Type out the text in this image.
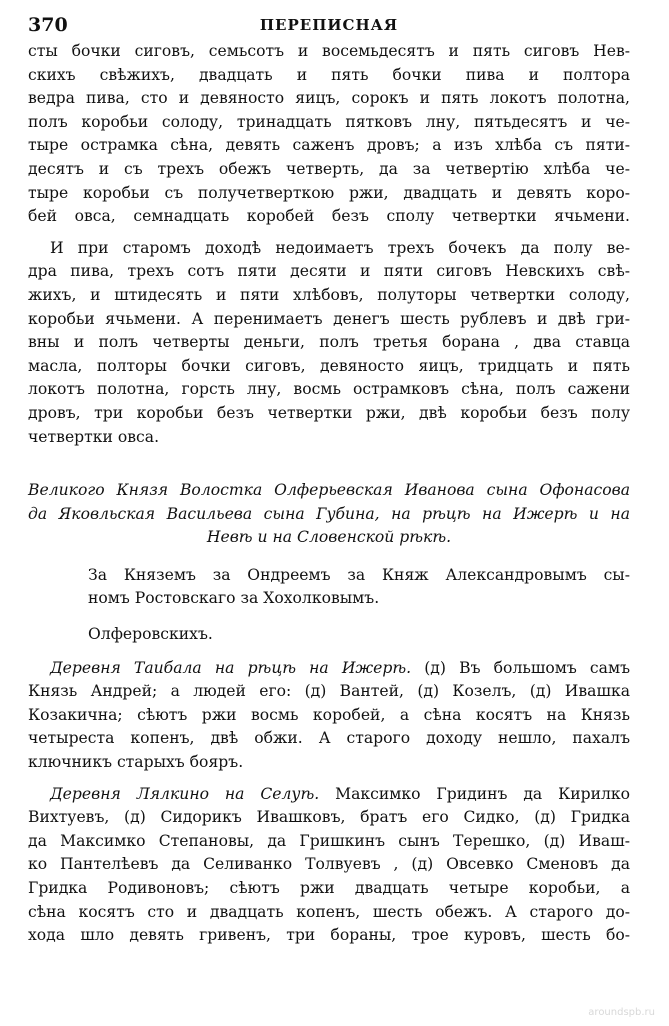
370	ПЕРЕПИСНАЯ

сты бочки сиговъ, семьсотъ и восемьдесятъ и пять сиговъ Нев-
скихъ свѣжихъ, двадцать и пять бочки пива и полтора
ведра пива, сто и девяносто яицъ, сорокъ и пять локотъ полотна,
полъ коробьи солоду, тринадцать пятковъ лну, пятьдесятъ и че-
тыре острамка сѣна, девять саженъ дровъ; а изъ хлѣба съ пяти-
десятъ и съ трехъ обежъ четверть, да за четвертію хлѣба че-
тыре коробьи съ получетверткою ржи, двадцать и девять коро-
бей овса, семнадцать коробей безъ сполу четвертки ячьмени.

И при старомъ доходѣ недоимаетъ трехъ бочекъ да полу ве-
дра пива, трехъ сотъ пяти десяти и пяти сиговъ Невскихъ свѣ-
жихъ, и штидесять и пяти хлѣбовъ, полуторы четвертки солоду,
коробьи ячьмени. А перенимаетъ денегъ шесть рублевъ и двѣ гри-
вны и полъ четверты деньги, полъ третья борана , два ставца
масла, полторы бочки сиговъ, девяносто яицъ, тридцать и пять
локотъ полотна, горсть лну, восмь острамковъ сѣна, полъ сажени
дровъ, три коробьи безъ четвертки ржи, двѣ коробьи безъ полу
четвертки овса.

Великого Князя Волостка Олферьевская Иванова сына Офонасова
да Яковльская Васильева сына Губина, на рѣцѣ на Ижерѣ и на
Невѣ и на Словенской рѣкѣ.

За Княземъ за Ондреемъ за Княж Александровымъ сы-
номъ Ростовскаго за Хохолковымъ.

Олферовскихъ.

Деревня Таибала на рѣцѣ на Ижерѣ. (д) Въ большомъ самъ
Князь Андрей; а людей его: (д) Вантей, (д) Козелъ, (д) Ивашка
Козакична; сѣютъ ржи восмь коробей, а сѣна косятъ на Князь
четыреста копенъ, двѣ обжи. А старого доходу нешло, пахалъ
ключникъ старыхъ бояръ.

Деревня Лялкино на Селуѣ. Максимко Гридинъ да Кирилко
Вихтуевъ, (д) Сидорикъ Ивашковъ, братъ его Сидко, (д) Гридка
да Максимко Степановы, да Гришкинъ сынъ Терешко, (д) Ивaш-
ко Пантелѣевъ да Селиванко Толвуевъ , (д) Овсевко Сменовъ да
Гридка Родивоновъ; сѣютъ ржи двадцать четыре коробьи, а
сѣна косятъ сто и двадцать копенъ, шесть обежъ. А старого до-
хода шло девять гривенъ, три бораны, трое куровъ, шесть бо-

aroundspb.ru
